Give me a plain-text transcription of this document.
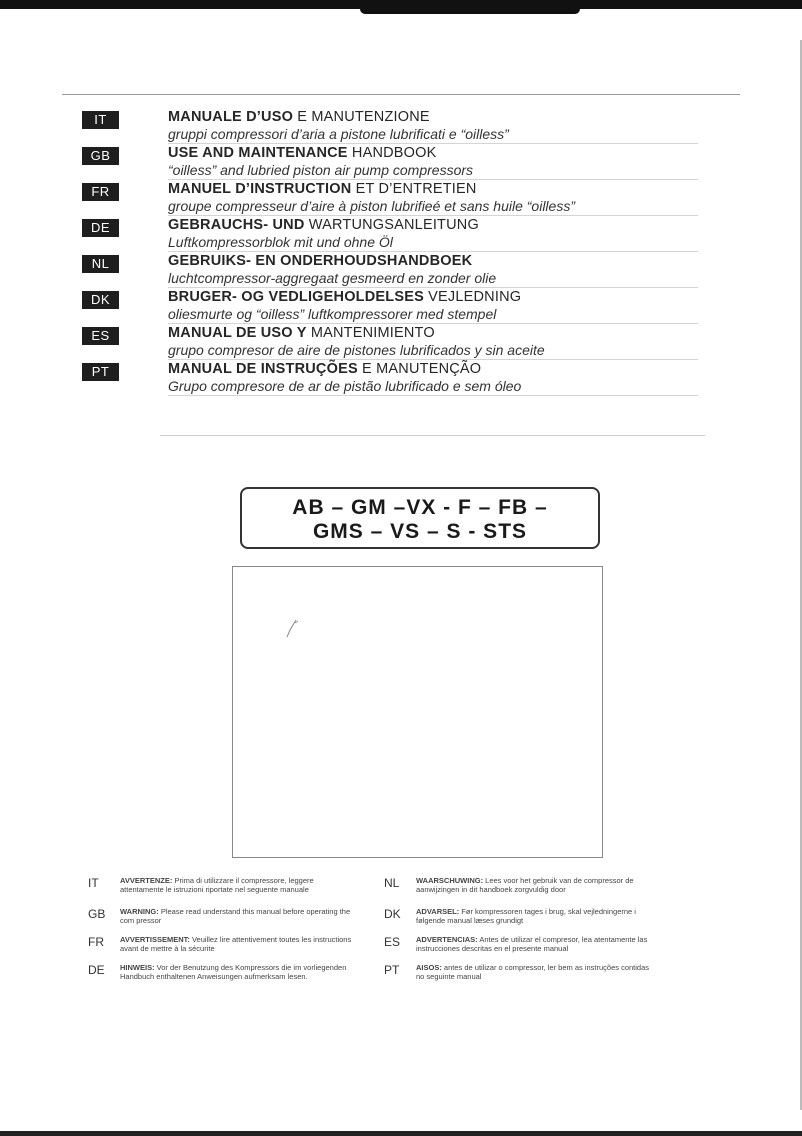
IT	MANUALE D’USO E MANUTENZIONE
gruppi compressori d’aria a pistone lubrificati e “oilless”
GB	USE AND MAINTENANCE HANDBOOK
“oilless” and lubried piston air pump compressors
FR	MANUEL D’INSTRUCTION ET D’ENTRETIEN
groupe compresseur d’aire à piston lubrifieé et sans huile “oilless”
DE	GEBRAUCHS- UND WARTUNGSANLEITUNG
Luftkompressorblok mit und ohne Öl
NL	GEBRUIKS- EN ONDERHOUDSHANDBOEK
luchtcompressor-aggregaat gesmeerd en zonder olie
DK	BRUGER- OG VEDLIGEHOLDELSES VEJLEDNING
oliesmurte og “oilless” luftkompressorer med stempel
ES	MANUAL DE USO Y MANTENIMIENTO
grupo compresor de aire de pistones lubrificados y sin aceite
PT	MANUAL DE INSTRUÇÕES E MANUTENÇÃO
Grupo compresore de ar de pistão lubrificado e sem óleo
AB – GM –VX - F – FB –
GMS – VS – S - STS
IT	AVVERTENZE: Prima di utilizzare il compressore, leggere attentamente le istruzioni riportate nel seguente manuale	NL	WAARSCHUWING: Lees voor het gebruik van de compressor de aanwijzingen in dit handboek zorgvuldig door
GB	WARNING: Please read understand this manual before operating the com pressor	DK	ADVARSEL: Før kompressoren tages i brug, skal vejledningerne i følgende manual læses grundigt
FR	AVVERTISSEMENT: Veuillez lire attentivement toutes les instructions avant de mettre à la sécurite	ES	ADVERTENCIAS: Antes de utilizar el compresor, lea atentamente las instrucciones descritas en el presente manual
DE	HINWEIS: Vor der Benutzung des Kompressors die im vorliegenden Handbuch enthaltenen Anweisungen aufmerksam lesen.	PT	AISOS: antes de utilizar o compressor, ler bem as instruções contidas no seguinte manual
